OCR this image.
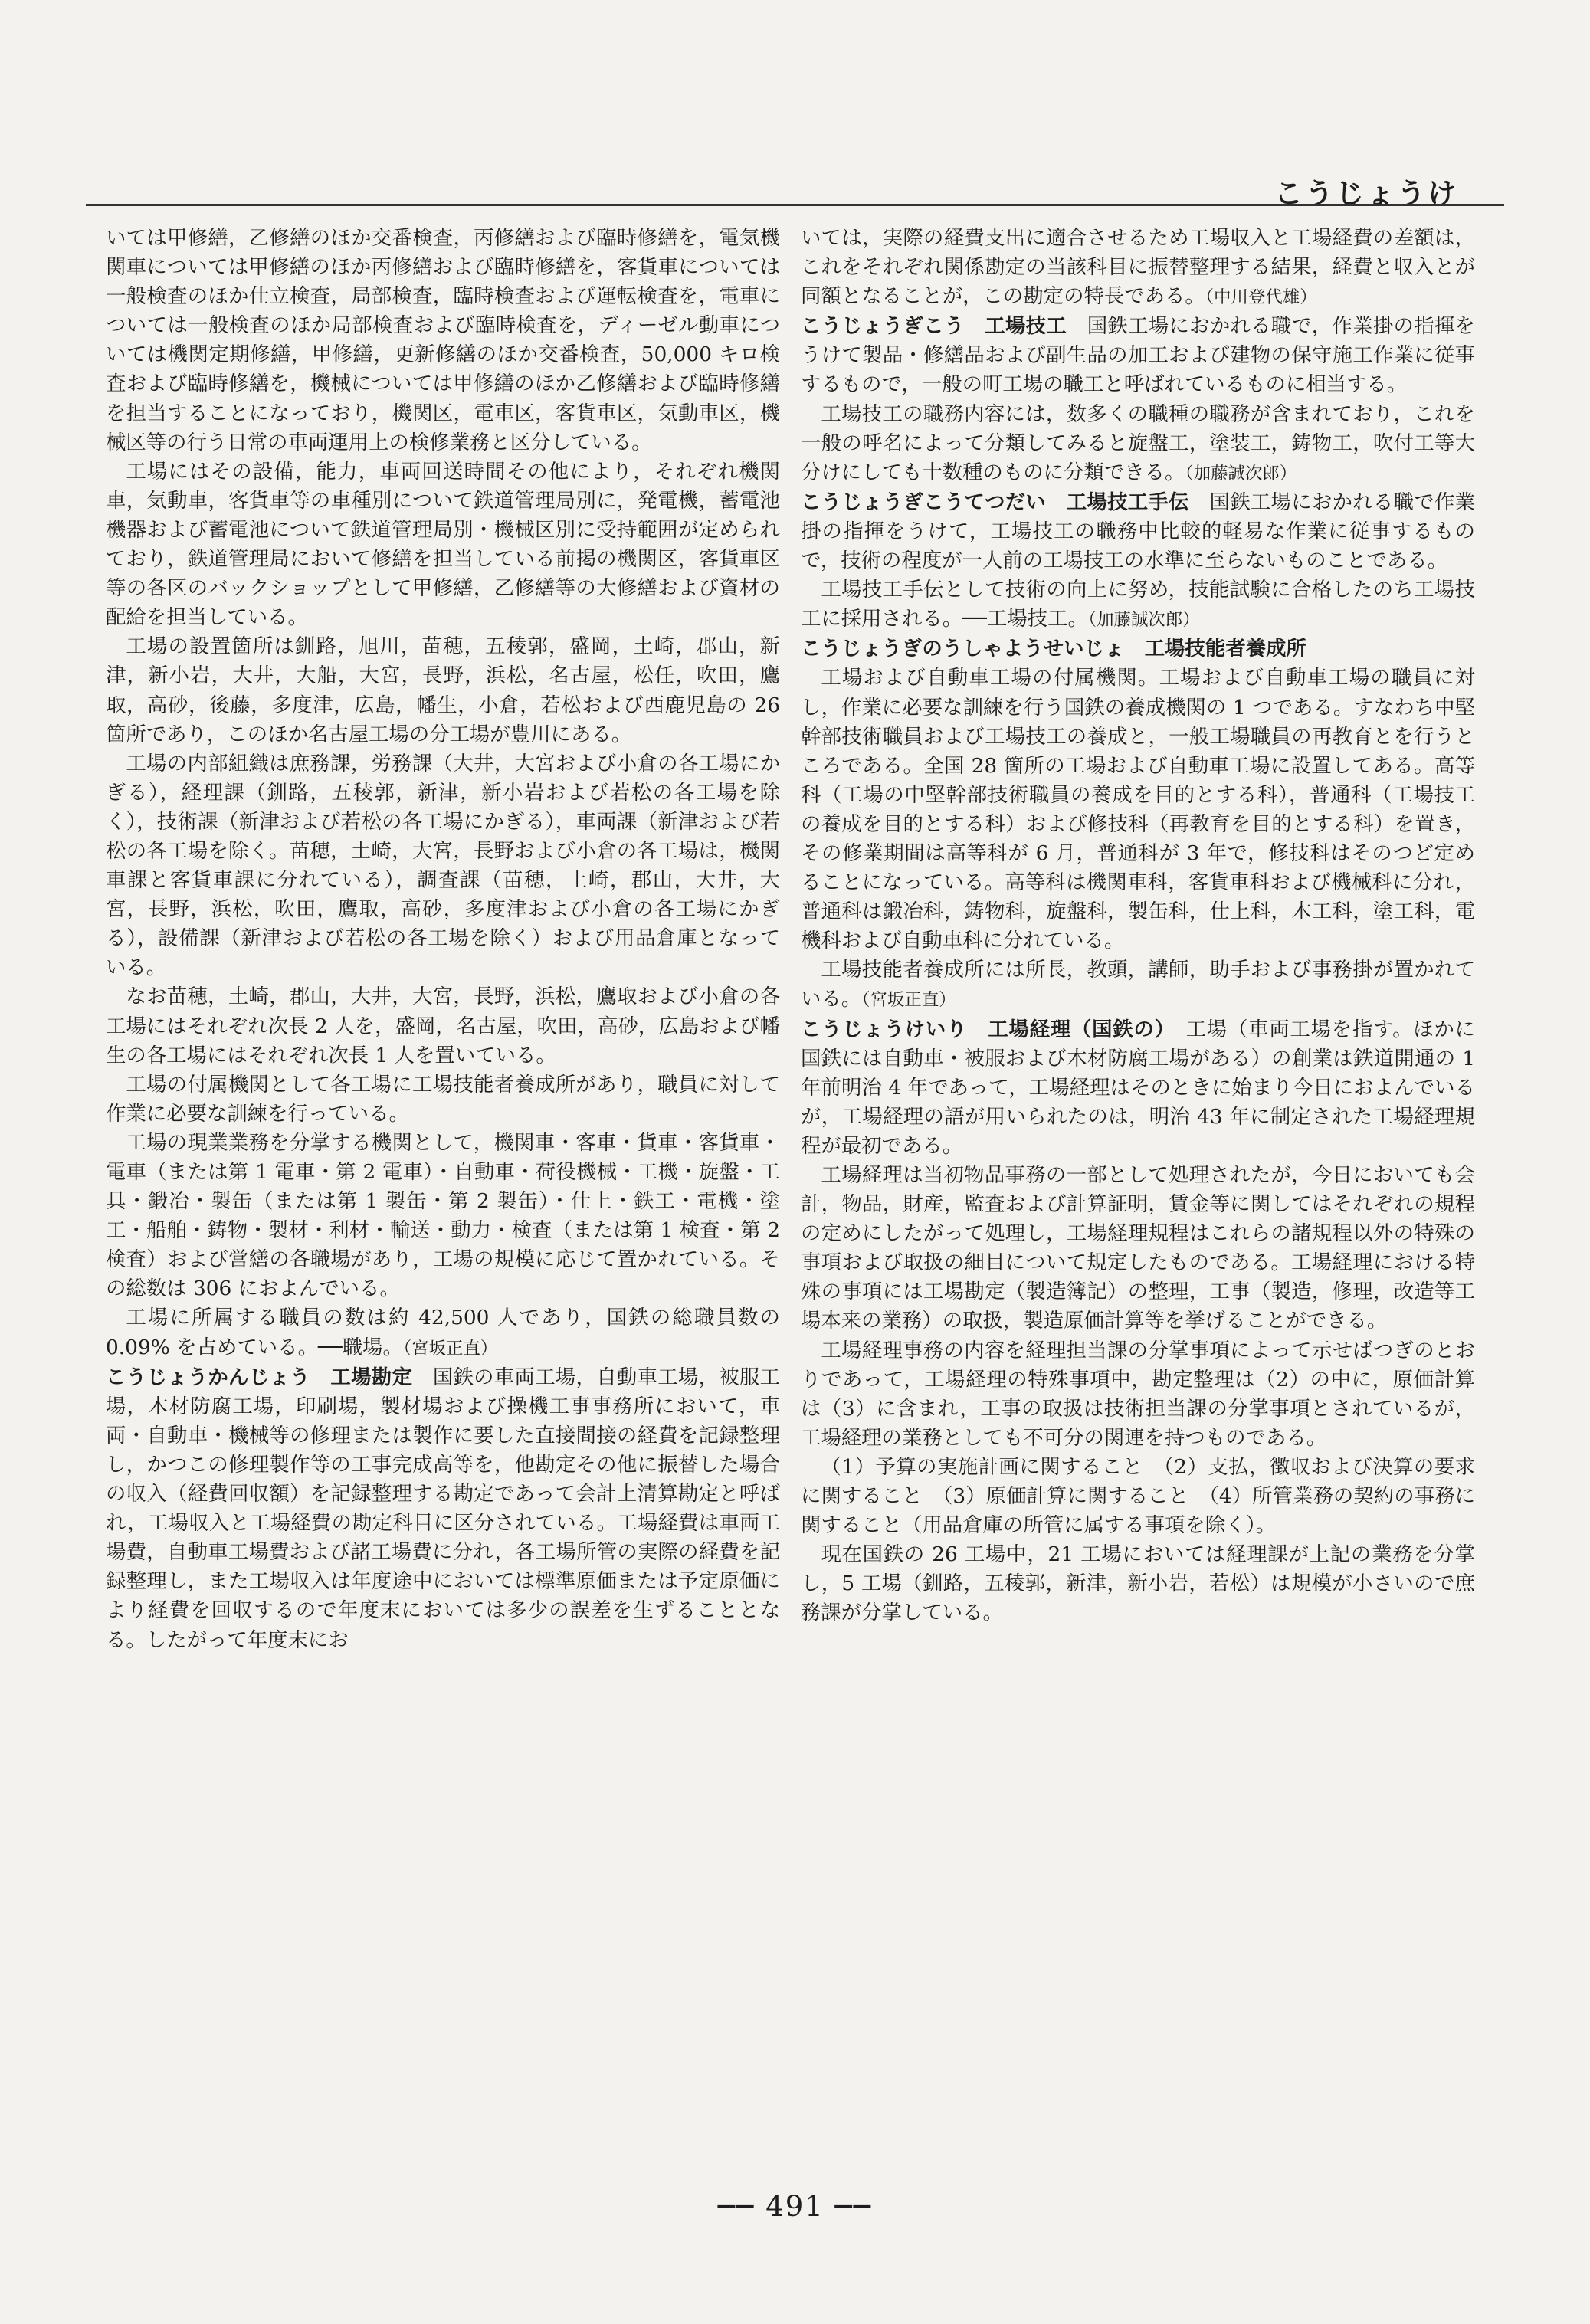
こうじょうけ

いては甲修繕，乙修繕のほか交番検査，丙修繕および臨時修繕を，電気機関車については甲修繕のほか丙修繕および臨時修繕を，客貨車については一般検査のほか仕立検査，局部検査，臨時検査および運転検査を，電車については一般検査のほか局部検査および臨時検査を，ディーゼル動車については機関定期修繕，甲修繕，更新修繕のほか交番検査，50,000 キロ検査および臨時修繕を，機械については甲修繕のほか乙修繕および臨時修繕を担当することになっており，機関区，電車区，客貨車区，気動車区，機械区等の行う日常の車両運用上の検修業務と区分している。

工場にはその設備，能力，車両回送時間その他により，それぞれ機関車，気動車，客貨車等の車種別について鉄道管理局別に，発電機，蓄電池機器および蓄電池について鉄道管理局別・機械区別に受持範囲が定められており，鉄道管理局において修繕を担当している前掲の機関区，客貨車区等の各区のバックショップとして甲修繕，乙修繕等の大修繕および資材の配給を担当している。

工場の設置箇所は釧路，旭川，苗穂，五稜郭，盛岡，土崎，郡山，新津，新小岩，大井，大船，大宮，長野，浜松，名古屋，松任，吹田，鷹取，高砂，後藤，多度津，広島，幡生，小倉，若松および西鹿児島の 26 箇所であり，このほか名古屋工場の分工場が豊川にある。

工場の内部組織は庶務課，労務課（大井，大宮および小倉の各工場にかぎる），経理課（釧路，五稜郭，新津，新小岩および若松の各工場を除く），技術課（新津および若松の各工場にかぎる），車両課（新津および若松の各工場を除く。苗穂，土崎，大宮，長野および小倉の各工場は，機関車課と客貨車課に分れている），調査課（苗穂，土崎，郡山，大井，大宮，長野，浜松，吹田，鷹取，高砂，多度津および小倉の各工場にかぎる），設備課（新津および若松の各工場を除く）および用品倉庫となっている。

なお苗穂，土崎，郡山，大井，大宮，長野，浜松，鷹取および小倉の各工場にはそれぞれ次長 2 人を，盛岡，名古屋，吹田，高砂，広島および幡生の各工場にはそれぞれ次長 1 人を置いている。

工場の付属機関として各工場に工場技能者養成所があり，職員に対して作業に必要な訓練を行っている。

工場の現業業務を分掌する機関として，機関車・客車・貨車・客貨車・電車（または第 1 電車・第 2 電車）・自動車・荷役機械・工機・旋盤・工具・鍛冶・製缶（または第 1 製缶・第 2 製缶）・仕上・鉄工・電機・塗工・船舶・鋳物・製材・利材・輸送・動力・検査（または第 1 検査・第 2 検査）および営繕の各職場があり，工場の規模に応じて置かれている。その総数は 306 におよんでいる。

工場に所属する職員の数は約 42,500 人であり，国鉄の総職員数の 0.09% を占めている。──職場。（宮坂正直）

こうじょうかんじょう　工場勘定　 国鉄の車両工場，自動車工場，被服工場，木材防腐工場，印刷場，製材場および操機工事事務所において，車両・自動車・機械等の修理または製作に要した直接間接の経費を記録整理し，かつこの修理製作等の工事完成高等を，他勘定その他に振替した場合の収入（経費回収額）を記録整理する勘定であって会計上清算勘定と呼ばれ，工場収入と工場経費の勘定科目に区分されている。工場経費は車両工場費，自動車工場費および諸工場費に分れ，各工場所管の実際の経費を記録整理し，また工場収入は年度途中においては標準原価または予定原価により経費を回収するので年度末においては多少の誤差を生ずることとなる。したがって年度末にお

いては，実際の経費支出に適合させるため工場収入と工場経費の差額は，これをそれぞれ関係勘定の当該科目に振替整理する結果，経費と収入とが同額となることが，この勘定の特長である。（中川登代雄）

こうじょうぎこう　工場技工　 国鉄工場におかれる職で，作業掛の指揮をうけて製品・修繕品および副生品の加工および建物の保守施工作業に従事するもので，一般の町工場の職工と呼ばれているものに相当する。

工場技工の職務内容には，数多くの職種の職務が含まれており，これを一般の呼名によって分類してみると旋盤工，塗装工，鋳物工，吹付工等大分けにしても十数種のものに分類できる。（加藤誠次郎）

こうじょうぎこうてつだい　工場技工手伝　 国鉄工場におかれる職で作業掛の指揮をうけて，工場技工の職務中比較的軽易な作業に従事するもので，技術の程度が一人前の工場技工の水準に至らないものことである。

工場技工手伝として技術の向上に努め，技能試験に合格したのち工場技工に採用される。──工場技工。（加藤誠次郎）

こうじょうぎのうしゃようせいじょ　工場技能者養成所　

工場および自動車工場の付属機関。工場および自動車工場の職員に対し，作業に必要な訓練を行う国鉄の養成機関の 1 つである。すなわち中堅幹部技術職員および工場技工の養成と，一般工場職員の再教育とを行うところである。全国 28 箇所の工場および自動車工場に設置してある。高等科（工場の中堅幹部技術職員の養成を目的とする科），普通科（工場技工の養成を目的とする科）および修技科（再教育を目的とする科）を置き，その修業期間は高等科が 6 月，普通科が 3 年で，修技科はそのつど定めることになっている。高等科は機関車科，客貨車科および機械科に分れ，普通科は鍛冶科，鋳物科，旋盤科，製缶科，仕上科，木工科，塗工科，電機科および自動車科に分れている。

工場技能者養成所には所長，教頭，講師，助手および事務掛が置かれている。（宮坂正直）

こうじょうけいり　工場経理（国鉄の）　 工場（車両工場を指す。ほかに国鉄には自動車・被服および木材防腐工場がある）の創業は鉄道開通の 1 年前明治 4 年であって，工場経理はそのときに始まり今日におよんでいるが，工場経理の語が用いられたのは，明治 43 年に制定された工場経理規程が最初である。

工場経理は当初物品事務の一部として処理されたが，今日においても会計，物品，財産，監査および計算証明，賃金等に関してはそれぞれの規程の定めにしたがって処理し，工場経理規程はこれらの諸規程以外の特殊の事項および取扱の細目について規定したものである。工場経理における特殊の事項には工場勘定（製造簿記）の整理，工事（製造，修理，改造等工場本来の業務）の取扱，製造原価計算等を挙げることができる。

工場経理事務の内容を経理担当課の分掌事項によって示せばつぎのとおりであって，工場経理の特殊事項中，勘定整理は（2）の中に，原価計算は（3）に含まれ，工事の取扱は技術担当課の分掌事項とされているが，工場経理の業務としても不可分の関連を持つものである。

（1）予算の実施計画に関すること　（2）支払，徴収および決算の要求に関すること　（3）原価計算に関すること　（4）所管業務の契約の事務に関すること（用品倉庫の所管に属する事項を除く）。

現在国鉄の 26 工場中，21 工場においては経理課が上記の業務を分掌し，5 工場（釧路，五稜郭，新津，新小岩，若松）は規模が小さいので庶務課が分掌している。

── 491 ──
